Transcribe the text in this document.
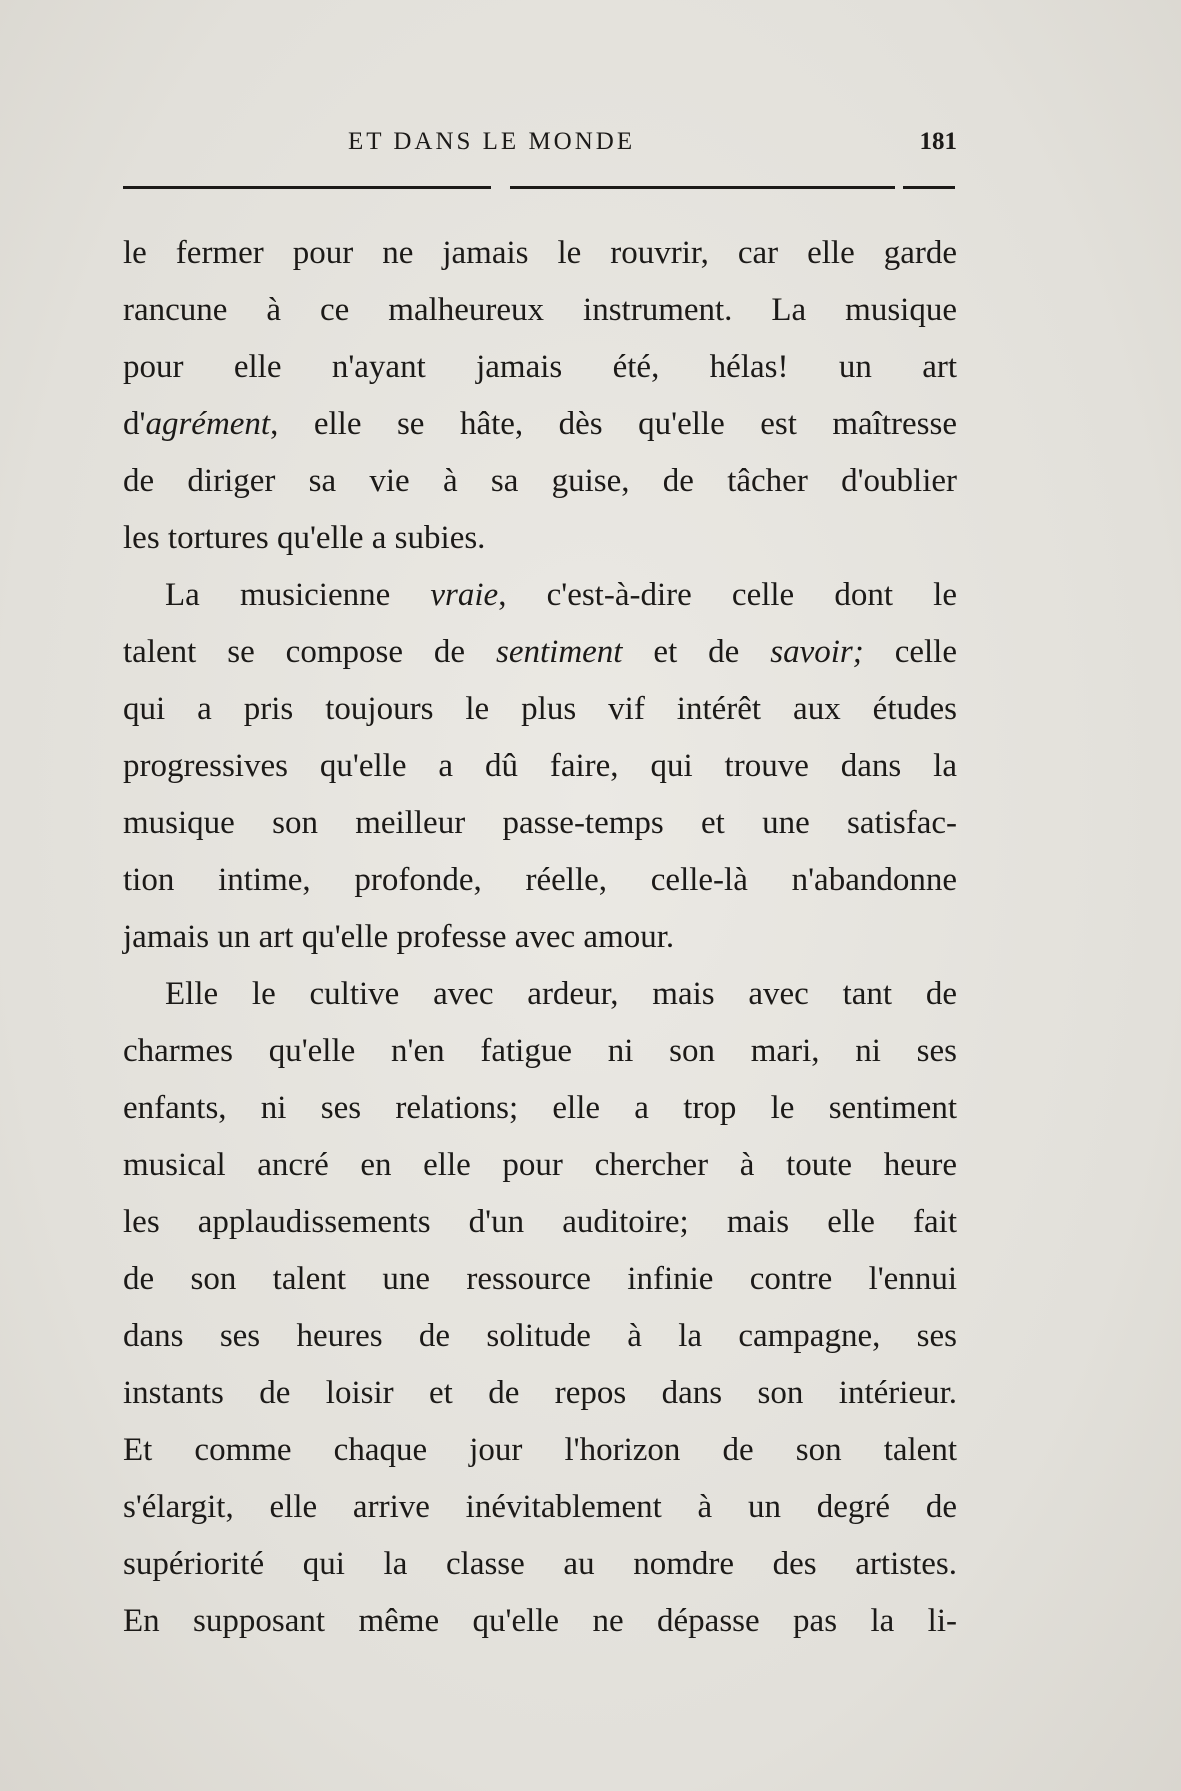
ET DANS LE MONDE	181
le fermer pour ne jamais le rouvrir, car elle garde
rancune à ce malheureux instrument. La musique
pour elle n'ayant jamais été, hélas! un art
d'agrément, elle se hâte, dès qu'elle est maîtresse
de diriger sa vie à sa guise, de tâcher d'oublier
les tortures qu'elle a subies.
La musicienne vraie, c'est-à-dire celle dont le
talent se compose de sentiment et de savoir; celle
qui a pris toujours le plus vif intérêt aux études
progressives qu'elle a dû faire, qui trouve dans la
musique son meilleur passe-temps et une satisfac-
tion intime, profonde, réelle, celle-là n'abandonne
jamais un art qu'elle professe avec amour.
Elle le cultive avec ardeur, mais avec tant de
charmes qu'elle n'en fatigue ni son mari, ni ses
enfants, ni ses relations; elle a trop le sentiment
musical ancré en elle pour chercher à toute heure
les applaudissements d'un auditoire; mais elle fait
de son talent une ressource infinie contre l'ennui
dans ses heures de solitude à la campagne, ses
instants de loisir et de repos dans son intérieur.
Et comme chaque jour l'horizon de son talent
s'élargit, elle arrive inévitablement à un degré de
supériorité qui la classe au nomdre des artistes.
En supposant même qu'elle ne dépasse pas la li-
